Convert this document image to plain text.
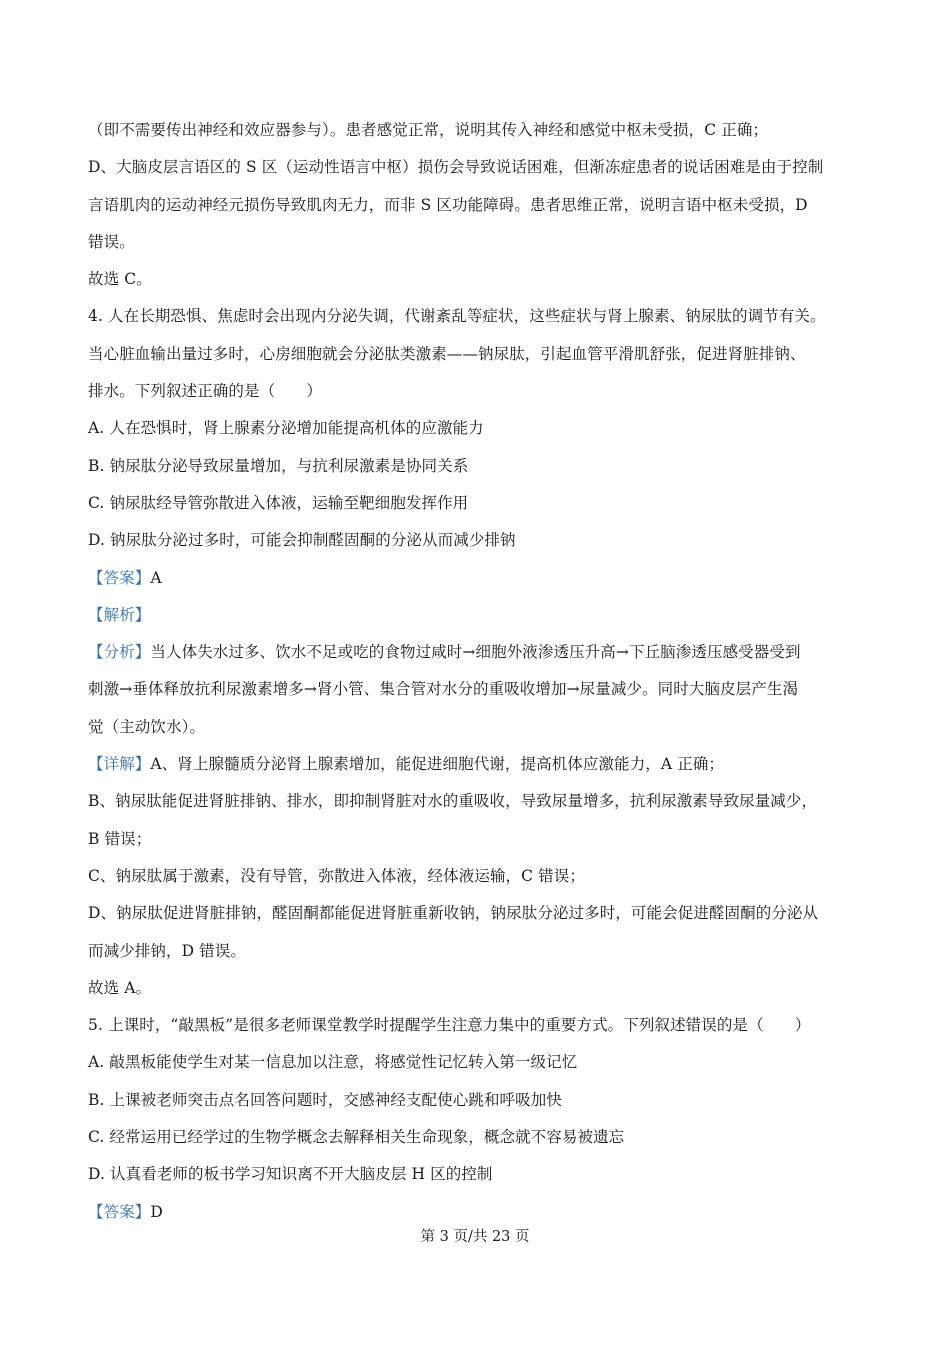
（即不需要传出神经和效应器参与）。患者感觉正常，说明其传入神经和感觉中枢未受损，C 正确；
D、大脑皮层言语区的 S 区（运动性语言中枢）损伤会导致说话困难，但渐冻症患者的说话困难是由于控制
言语肌肉的运动神经元损伤导致肌肉无力，而非 S 区功能障碍。患者思维正常，说明言语中枢未受损，D
错误。
故选 C。
4. 人在长期恐惧、焦虑时会出现内分泌失调，代谢紊乱等症状，这些症状与肾上腺素、钠尿肽的调节有关。
当心脏血输出量过多时，心房细胞就会分泌肽类激素——钠尿肽，引起血管平滑肌舒张，促进肾脏排钠、
排水。下列叙述正确的是（　　）
A. 人在恐惧时，肾上腺素分泌增加能提高机体的应激能力
B. 钠尿肽分泌导致尿量增加，与抗利尿激素是协同关系
C. 钠尿肽经导管弥散进入体液，运输至靶细胞发挥作用
D. 钠尿肽分泌过多时，可能会抑制醛固酮的分泌从而减少排钠
【答案】A
【解析】
【分析】当人体失水过多、饮水不足或吃的食物过咸时→细胞外液渗透压升高→下丘脑渗透压感受器受到
刺激→垂体释放抗利尿激素增多→肾小管、集合管对水分的重吸收增加→尿量减少。同时大脑皮层产生渴
觉（主动饮水）。
【详解】A、肾上腺髓质分泌肾上腺素增加，能促进细胞代谢，提高机体应激能力，A 正确；
B、钠尿肽能促进肾脏排钠、排水，即抑制肾脏对水的重吸收，导致尿量增多，抗利尿激素导致尿量减少，
B 错误；
C、钠尿肽属于激素，没有导管，弥散进入体液，经体液运输，C 错误；
D、钠尿肽促进肾脏排钠，醛固酮都能促进肾脏重新收钠，钠尿肽分泌过多时，可能会促进醛固酮的分泌从
而减少排钠，D 错误。
故选 A。
5. 上课时，“敲黑板”是很多老师课堂教学时提醒学生注意力集中的重要方式。下列叙述错误的是（　　）
A. 敲黑板能使学生对某一信息加以注意，将感觉性记忆转入第一级记忆
B. 上课被老师突击点名回答问题时，交感神经支配使心跳和呼吸加快
C. 经常运用已经学过的生物学概念去解释相关生命现象，概念就不容易被遗忘
D. 认真看老师的板书学习知识离不开大脑皮层 H 区的控制
【答案】D
第 3 页/共 23 页
